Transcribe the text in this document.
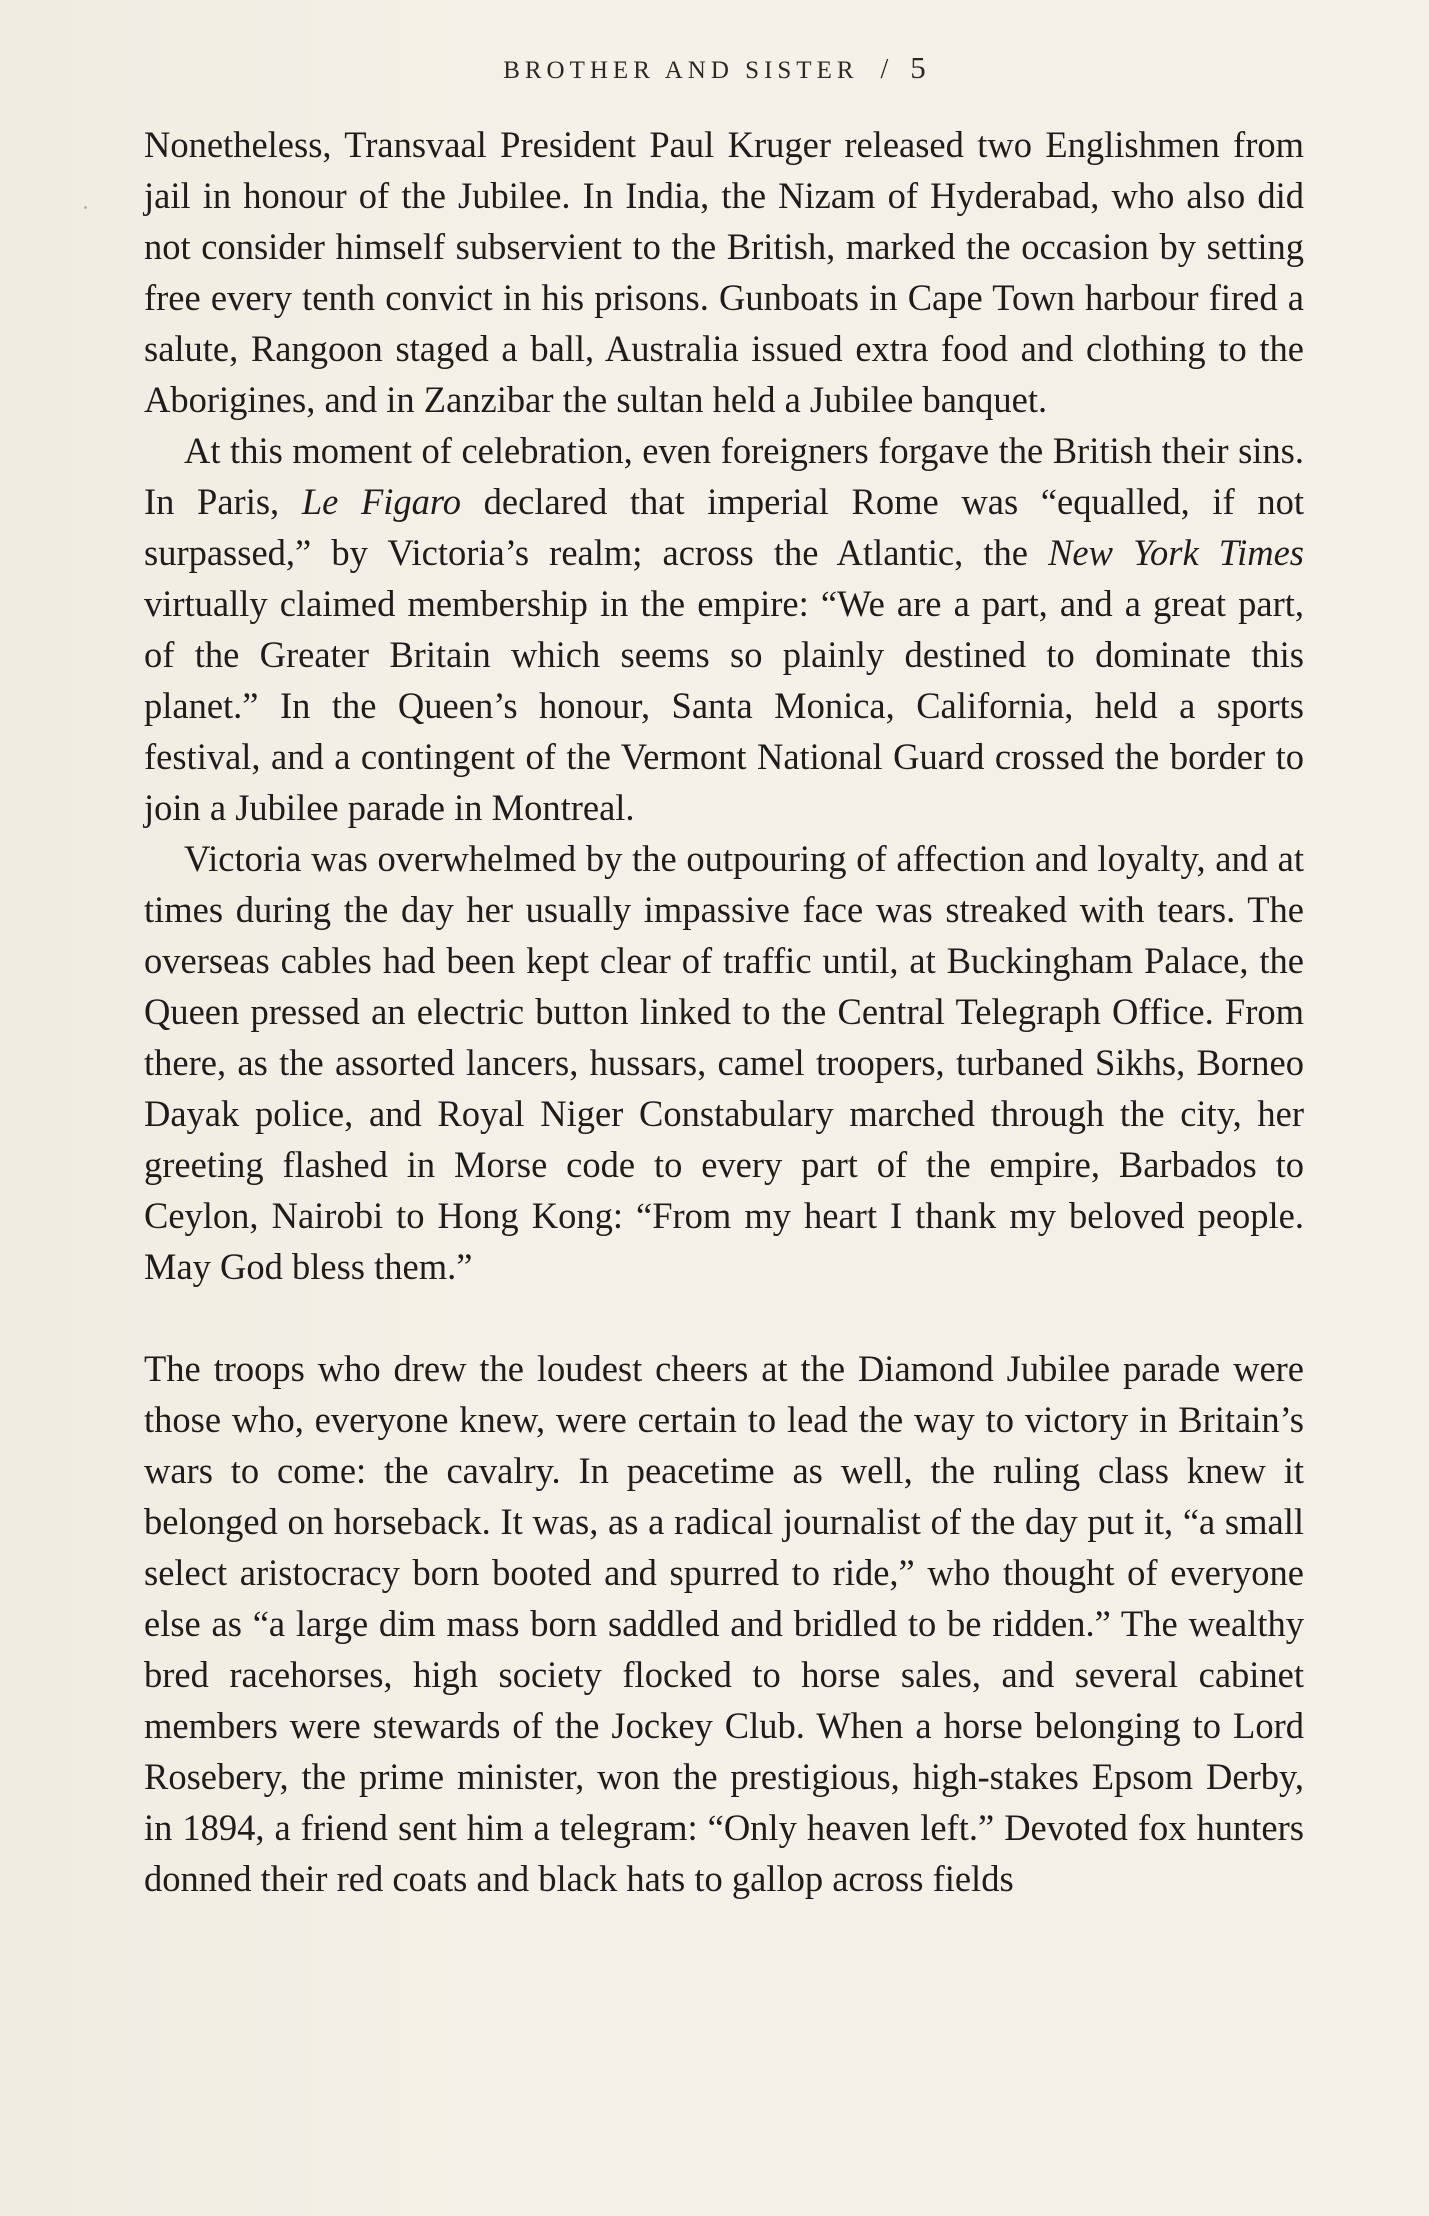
BROTHER AND SISTER / 5

Nonetheless, Transvaal President Paul Kruger released two Englishmen from jail in honour of the Jubilee. In India, the Nizam of Hyderabad, who also did not consider himself subservient to the British, marked the occasion by setting free every tenth convict in his prisons. Gunboats in Cape Town harbour fired a salute, Rangoon staged a ball, Australia issued extra food and clothing to the Aborigines, and in Zanzibar the sultan held a Jubilee banquet.

At this moment of celebration, even foreigners forgave the British their sins. In Paris, Le Figaro declared that imperial Rome was “equalled, if not surpassed,” by Victoria’s realm; across the Atlantic, the New York Times virtually claimed membership in the empire: “We are a part, and a great part, of the Greater Britain which seems so plainly destined to dominate this planet.” In the Queen’s honour, Santa Monica, California, held a sports festival, and a contingent of the Vermont National Guard crossed the border to join a Jubilee parade in Montreal.

Victoria was overwhelmed by the outpouring of affection and loyalty, and at times during the day her usually impassive face was streaked with tears. The overseas cables had been kept clear of traffic until, at Buckingham Palace, the Queen pressed an electric button linked to the Central Telegraph Office. From there, as the assorted lancers, hussars, camel troopers, turbaned Sikhs, Borneo Dayak police, and Royal Niger Constabulary marched through the city, her greeting flashed in Morse code to every part of the empire, Barbados to Ceylon, Nairobi to Hong Kong: “From my heart I thank my beloved people. May God bless them.”

The troops who drew the loudest cheers at the Diamond Jubilee parade were those who, everyone knew, were certain to lead the way to victory in Britain’s wars to come: the cavalry. In peacetime as well, the ruling class knew it belonged on horseback. It was, as a radical journalist of the day put it, “a small select aristocracy born booted and spurred to ride,” who thought of everyone else as “a large dim mass born saddled and bridled to be ridden.” The wealthy bred racehorses, high society flocked to horse sales, and several cabinet members were stewards of the Jockey Club. When a horse belonging to Lord Rosebery, the prime minister, won the prestigious, high-stakes Epsom Derby, in 1894, a friend sent him a telegram: “Only heaven left.” Devoted fox hunters donned their red coats and black hats to gallop across fields
